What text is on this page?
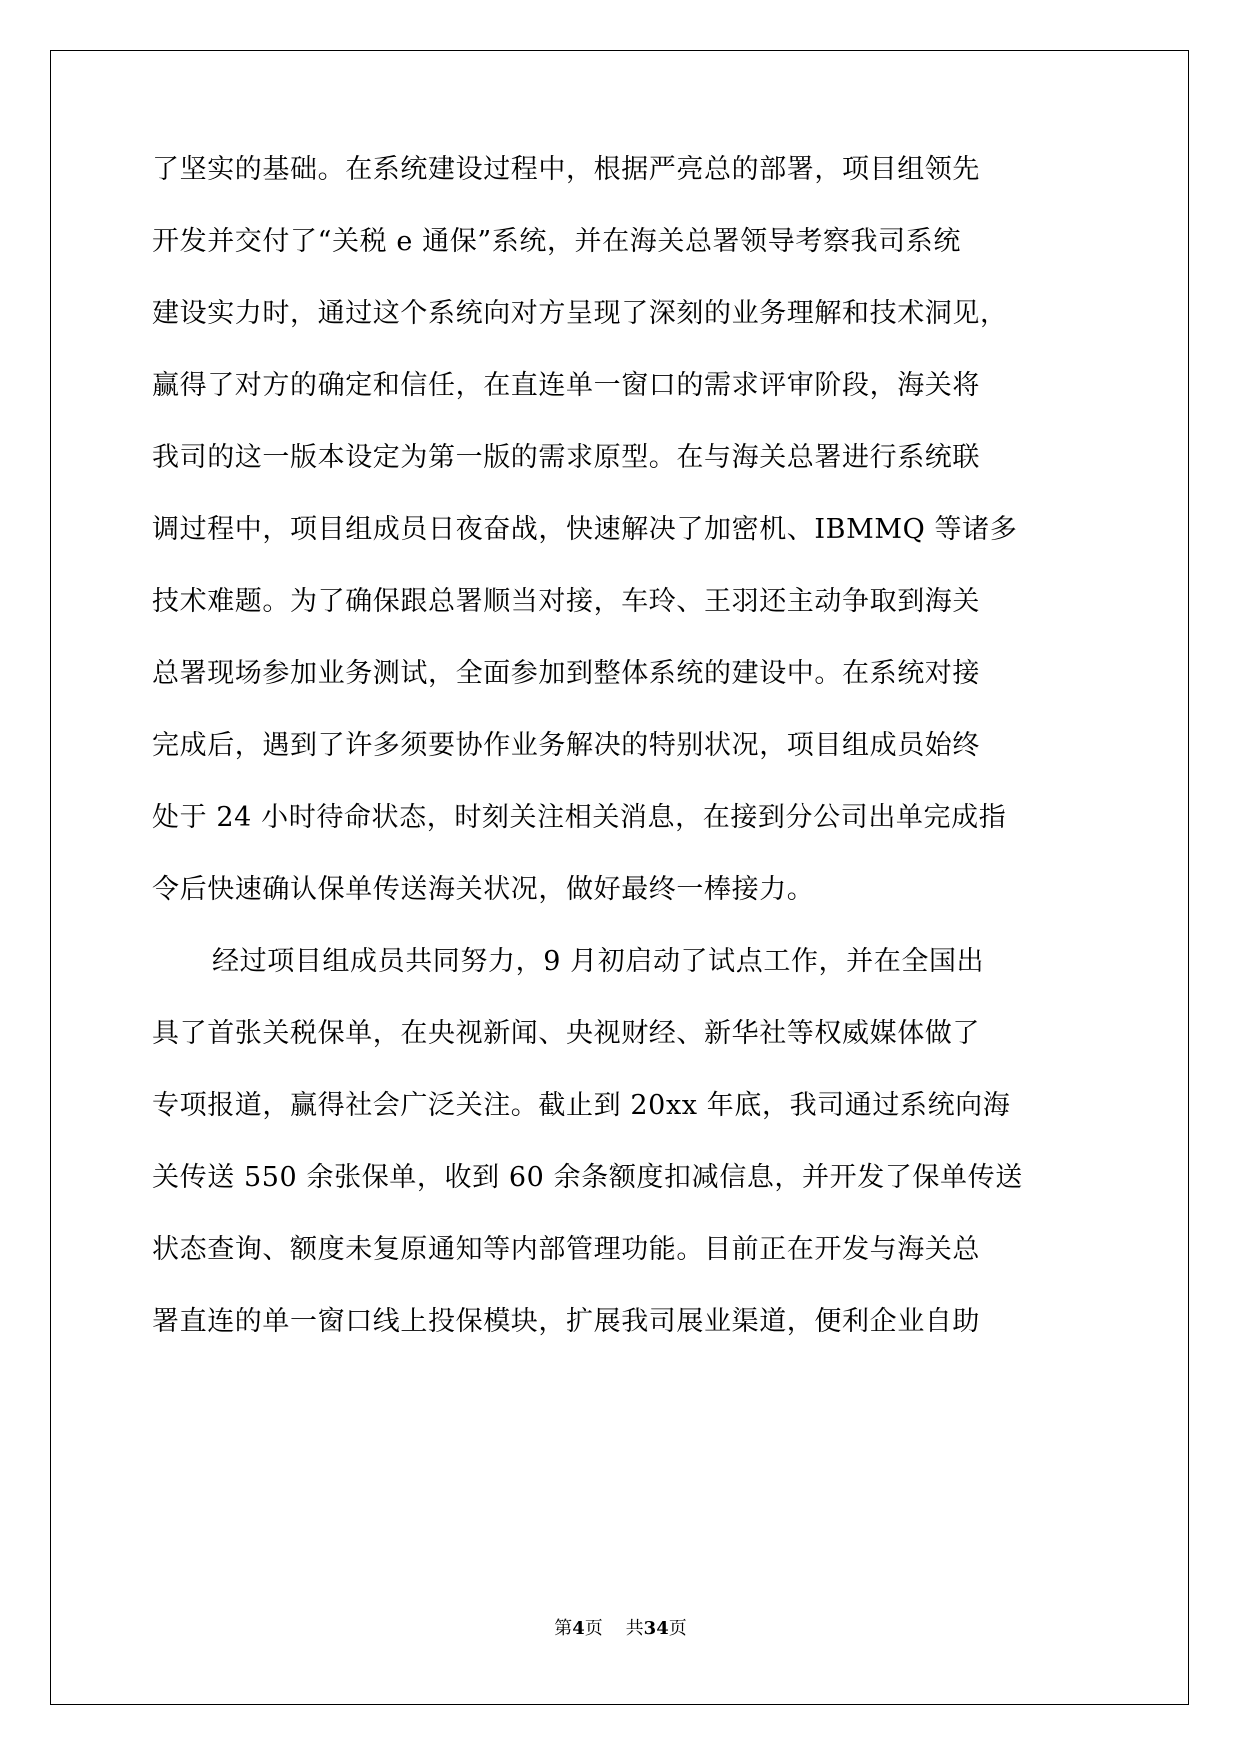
了坚实的基础。在系统建设过程中，根据严亮总的部署，项目组领先
开发并交付了“关税 e 通保”系统，并在海关总署领导考察我司系统
建设实力时，通过这个系统向对方呈现了深刻的业务理解和技术洞见，
赢得了对方的确定和信任，在直连单一窗口的需求评审阶段，海关将
我司的这一版本设定为第一版的需求原型。在与海关总署进行系统联
调过程中，项目组成员日夜奋战，快速解决了加密机、IBMMQ 等诸多
技术难题。为了确保跟总署顺当对接，车玲、王羽还主动争取到海关
总署现场参加业务测试，全面参加到整体系统的建设中。在系统对接
完成后，遇到了许多须要协作业务解决的特别状况，项目组成员始终
处于 24 小时待命状态，时刻关注相关消息，在接到分公司出单完成指
令后快速确认保单传送海关状况，做好最终一棒接力。
经过项目组成员共同努力，9 月初启动了试点工作，并在全国出
具了首张关税保单，在央视新闻、央视财经、新华社等权威媒体做了
专项报道，赢得社会广泛关注。截止到 20xx 年底，我司通过系统向海
关传送 550 余张保单，收到 60 余条额度扣减信息，并开发了保单传送
状态查询、额度未复原通知等内部管理功能。目前正在开发与海关总
署直连的单一窗口线上投保模块，扩展我司展业渠道，便利企业自助
第4页 共34页
